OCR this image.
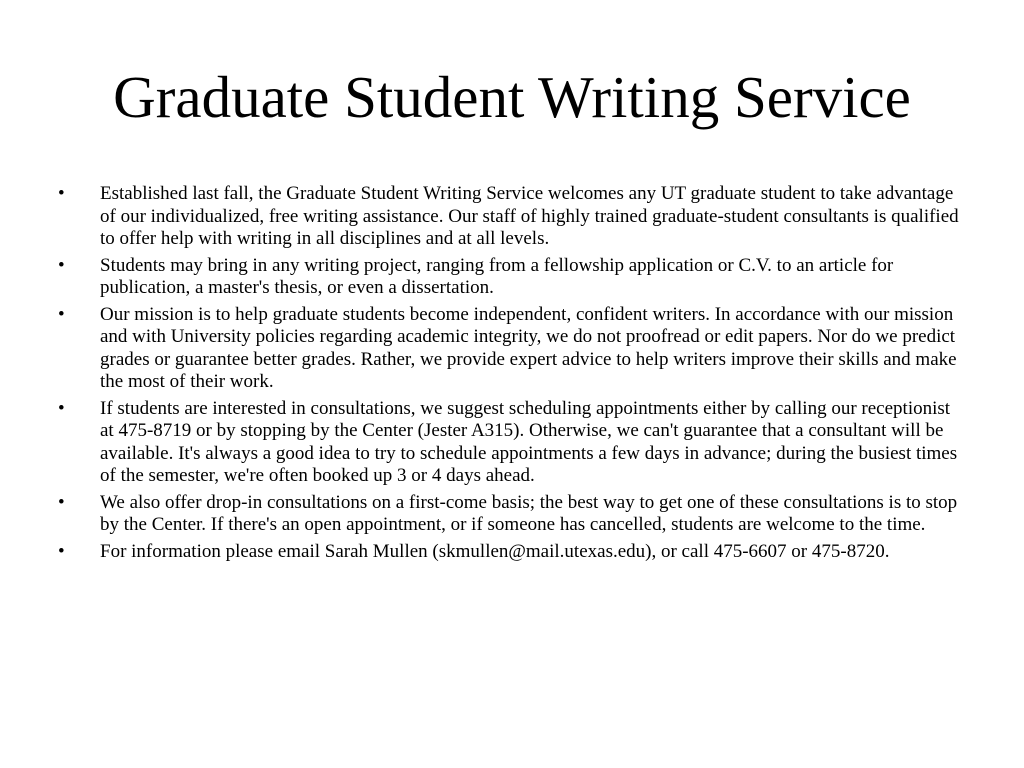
Graduate Student Writing Service
•	Established last fall, the Graduate Student Writing Service welcomes any UT graduate student to take advantage of our individualized, free writing assistance. Our staff of highly trained graduate-student consultants is qualified to offer help with writing in all disciplines and at all levels.
•	Students may bring in any writing project, ranging from a fellowship application or C.V. to an article for publication, a master's thesis, or even a dissertation.
•	Our mission is to help graduate students become independent, confident writers. In accordance with our mission and with University policies regarding academic integrity, we do not proofread or edit papers. Nor do we predict grades or guarantee better grades. Rather, we provide expert advice to help writers improve their skills and make the most of their work.
•	If students are interested in consultations, we suggest scheduling appointments either by calling our receptionist at 475-8719 or by stopping by the Center (Jester A315). Otherwise, we can't guarantee that a consultant will be available. It's always a good idea to try to schedule appointments a few days in advance; during the busiest times of the semester, we're often booked up 3 or 4 days ahead.
•	We also offer drop-in consultations on a first-come basis; the best way to get one of these consultations is to stop by the Center. If there's an open appointment, or if someone has cancelled, students are welcome to the time.
•	For information please email Sarah Mullen (skmullen@mail.utexas.edu), or call 475-6607 or 475-8720.
